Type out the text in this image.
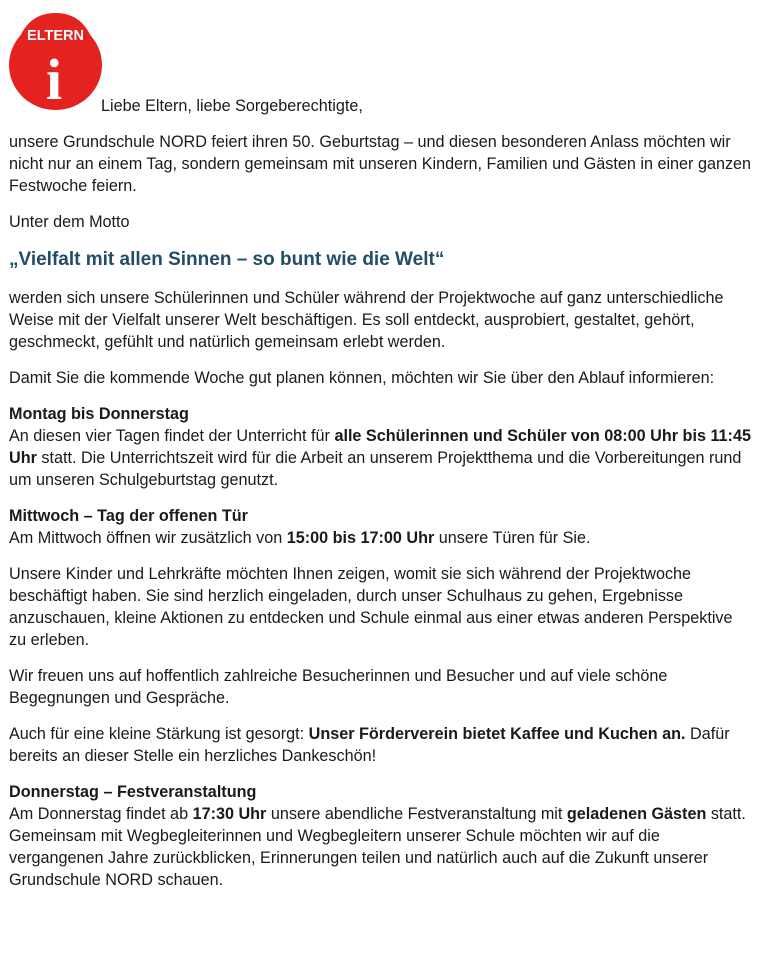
ELTERN
i Liebe Eltern, liebe Sorgeberechtigte,

unsere Grundschule NORD feiert ihren 50. Geburtstag – und diesen besonderen Anlass möchten wir nicht nur an einem Tag, sondern gemeinsam mit unseren Kindern, Familien und Gästen in einer ganzen Festwoche feiern.

Unter dem Motto

„Vielfalt mit allen Sinnen – so bunt wie die Welt“

werden sich unsere Schülerinnen und Schüler während der Projektwoche auf ganz unterschiedliche Weise mit der Vielfalt unserer Welt beschäftigen. Es soll entdeckt, ausprobiert, gestaltet, gehört, geschmeckt, gefühlt und natürlich gemeinsam erlebt werden.

Damit Sie die kommende Woche gut planen können, möchten wir Sie über den Ablauf informieren:

Montag bis Donnerstag

An diesen vier Tagen findet der Unterricht für alle Schülerinnen und Schüler von 08:00 Uhr bis 11:45 Uhr statt. Die Unterrichtszeit wird für die Arbeit an unserem Projektthema und die Vorbereitungen rund um unseren Schulgeburtstag genutzt.

Mittwoch – Tag der offenen Tür

Am Mittwoch öffnen wir zusätzlich von 15:00 bis 17:00 Uhr unsere Türen für Sie.

Unsere Kinder und Lehrkräfte möchten Ihnen zeigen, womit sie sich während der Projektwoche beschäftigt haben. Sie sind herzlich eingeladen, durch unser Schulhaus zu gehen, Ergebnisse anzuschauen, kleine Aktionen zu entdecken und Schule einmal aus einer etwas anderen Perspektive zu erleben.

Wir freuen uns auf hoffentlich zahlreiche Besucherinnen und Besucher und auf viele schöne Begegnungen und Gespräche.

Auch für eine kleine Stärkung ist gesorgt: Unser Förderverein bietet Kaffee und Kuchen an. Dafür bereits an dieser Stelle ein herzliches Dankeschön!

Donnerstag – Festveranstaltung

Am Donnerstag findet ab 17:30 Uhr unsere abendliche Festveranstaltung mit geladenen Gästen statt. Gemeinsam mit Wegbegleiterinnen und Wegbegleitern unserer Schule möchten wir auf die vergangenen Jahre zurückblicken, Erinnerungen teilen und natürlich auch auf die Zukunft unserer Grundschule NORD schauen.
